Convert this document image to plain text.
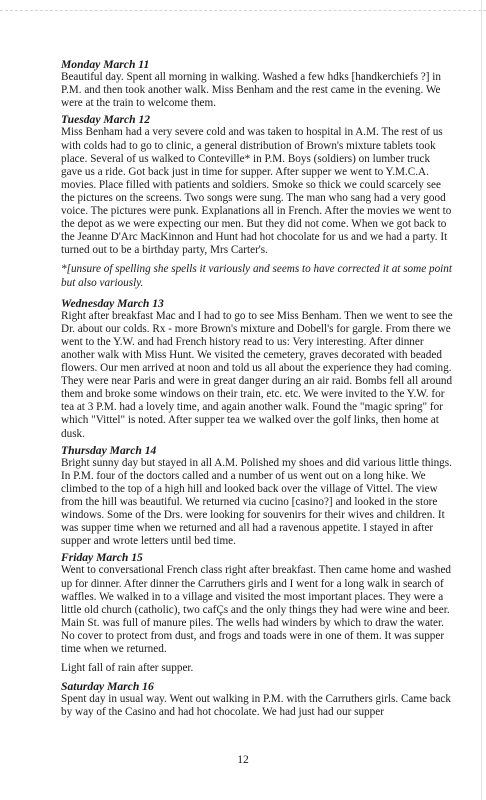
Monday March 11

Beautiful day. Spent all morning in walking. Washed a few hdks [handkerchiefs ?] in P.M. and then took another walk. Miss Benham and the rest came in the evening. We were at the train to welcome them.

Tuesday March 12

Miss Benham had a very severe cold and was taken to hospital in A.M. The rest of us with colds had to go to clinic, a general distribution of Brown's mixture tablets took place. Several of us walked to Conteville* in P.M. Boys (soldiers) on lumber truck gave us a ride. Got back just in time for supper. After supper we went to Y.M.C.A. movies. Place filled with patients and soldiers. Smoke so thick we could scarcely see the pictures on the screens. Two songs were sung. The man who sang had a very good voice. The pictures were punk. Explanations all in French. After the movies we went to the depot as we were expecting our men. But they did not come. When we got back to the Jeanne D'Arc MacKinnon and Hunt had hot chocolate for us and we had a party. It turned out to be a birthday party, Mrs Carter's.

*[unsure of spelling she spells it variously and seems to have corrected it at some point but also variously.

Wednesday March 13

Right after breakfast Mac and I had to go to see Miss Benham. Then we went to see the Dr. about our colds. Rx - more Brown's mixture and Dobell's for gargle. From there we went to the Y.W. and had French history read to us: Very interesting. After dinner another walk with Miss Hunt. We visited the cemetery, graves decorated with beaded flowers. Our men arrived at noon and told us all about the experience they had coming. They were near Paris and were in great danger during an air raid. Bombs fell all around them and broke some windows on their train, etc. etc. We were invited to the Y.W. for tea at 3 P.M. had a lovely time, and again another walk. Found the "magic spring" for which "Vittel" is noted. After supper tea we walked over the golf links, then home at dusk.

Thursday March 14

Bright sunny day but stayed in all A.M. Polished my shoes and did various little things. In P.M. four of the doctors called and a number of us went out on a long hike. We climbed to the top of a high hill and looked back over the village of Vittel. The view from the hill was beautiful. We returned via cucino [casino?] and looked in the store windows. Some of the Drs. were looking for souvenirs for their wives and children. It was supper time when we returned and all had a ravenous appetite. I stayed in after supper and wrote letters until bed time.

Friday March 15

Went to conversational French class right after breakfast. Then came home and washed up for dinner. After dinner the Carruthers girls and I went for a long walk in search of waffles. We walked in to a village and visited the most important places. They were a little old church (catholic), two cafÇs and the only things they had were wine and beer. Main St. was full of manure piles. The wells had winders by which to draw the water. No cover to protect from dust, and frogs and toads were in one of them. It was supper time when we returned.

Light fall of rain after supper.

Saturday March 16

Spent day in usual way. Went out walking in P.M. with the Carruthers girls. Came back by way of the Casino and had hot chocolate. We had just had our supper

12
